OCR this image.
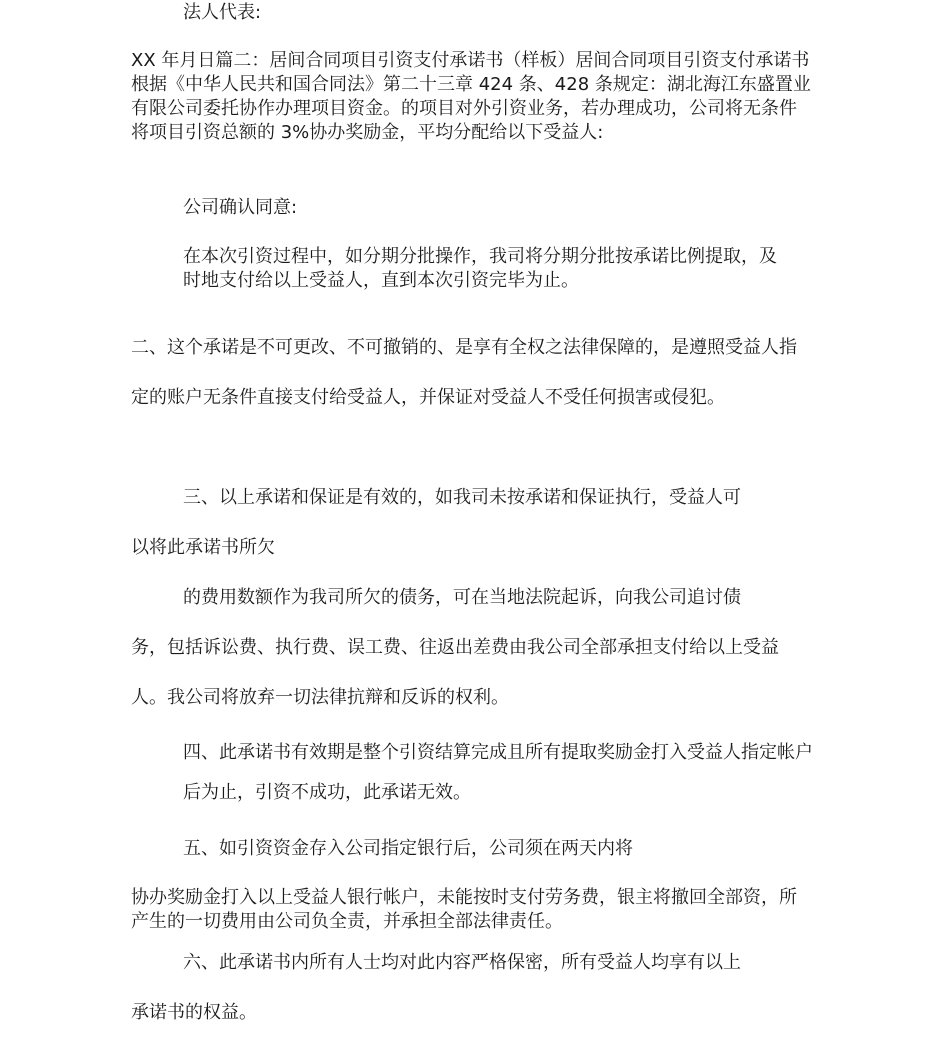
法人代表:

XX 年月日篇二：居间合同项目引资支付承诺书（样板）居间合同项目引资支付承诺书根据《中华人民共和国合同法》第二十三章 424 条、428 条规定：湖北海江东盛置业有限公司委托协作办理项目资金。的项目对外引资业务，若办理成功，公司将无条件将项目引资总额的 3%协办奖励金，平均分配给以下受益人:

公司确认同意:

在本次引资过程中，如分期分批操作，我司将分期分批按承诺比例提取，及时地支付给以上受益人，直到本次引资完毕为止。

二、这个承诺是不可更改、不可撤销的、是享有全权之法律保障的，是遵照受益人指定的账户无条件直接支付给受益人，并保证对受益人不受任何损害或侵犯。

三、以上承诺和保证是有效的，如我司未按承诺和保证执行，受益人可

以将此承诺书所欠

的费用数额作为我司所欠的债务，可在当地法院起诉，向我公司追讨债

务，包括诉讼费、执行费、误工费、往返出差费由我公司全部承担支付给以上受益人。我公司将放弃一切法律抗辩和反诉的权利。

四、此承诺书有效期是整个引资结算完成且所有提取奖励金打入受益人指定帐户后为止，引资不成功，此承诺无效。

五、如引资资金存入公司指定银行后，公司须在两天内将

协办奖励金打入以上受益人银行帐户，未能按时支付劳务费，银主将撤回全部资，所产生的一切费用由公司负全责，并承担全部法律责任。

六、此承诺书内所有人士均对此内容严格保密，所有受益人均享有以上

承诺书的权益。
